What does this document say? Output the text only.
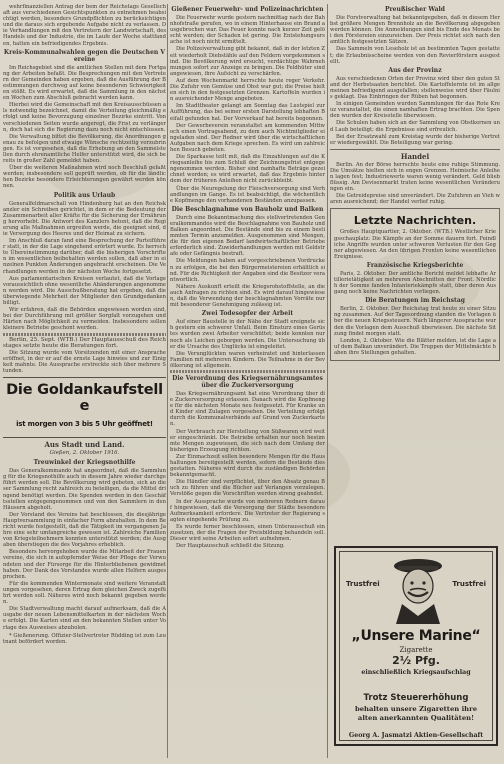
wehrfinanziellen Antrag der bem der Reichstags Gesellschaft aus verschiedenen Gesichtspunkten zu entnehmen beabsichtigt werden, besonders Grundpflichten zu berücksichtigen und die daraus sich ergebende Aufgabe nicht zu verlassen. Die Verhandlungen mit den Vertretern der Landwirtschaft, des Handels und der Industrie, die im Laufe der Woche stattfanden, hatten ein befriedigendes Ergebnis.
Kreis-Kommunalwahlen gegen die Deutschen Vereine
Im Reichsgebiet sind die amtlichen Stellen mit dem Fortgang der Arbeiten befaßt. Die Besprechungen mit den Vertretern der Gemeinden haben ergeben, daß die Ausführung der Bestimmungen durchweg auf keine besonderen Schwierigkeiten stößt. Es wird erwartet, daß die Sammlung in den nächsten Wochen zum Abschluß gebracht werden kann.
Hierbei wird die Gemeinschaft mit den Kreisausschüssen als notwendig bezeichnet, damit die Verteilung gleichmäßig erfolgt und keine Bevorzugung einzelner Bezirke eintritt. Von verschiedenen Seiten wurde angeregt, die Frist zu verlängern, doch hat sich die Regierung dazu noch nicht entschlossen.
Die Verwaltung bittet die Bevölkerung, die Anordnungen genau zu befolgen und etwaige Wünsche rechtzeitig vorzubringen. Es ist vorgesehen, daß die Erhebung an den Sammelstellen durch ehrenamtliche Helfer unterstützt wird, die sich bereits in großer Zahl gemeldet haben.
Über die weiteren Maßnahmen wird noch Beschluß gefaßt werden; insbesondere soll geprüft werden, ob für die ländlichen Bezirke besondere Erleichterungen gewährt werden können.
Politik aus Urlaub
Generalfeldmarschall von Hindenburg hat an den Reichskanzler ein Schreiben gerichtet, in dem er die Bedeutung der Zusammenarbeit aller Kräfte für die Sicherung der Ernährung hervorhebt. Die Antwort des Kanzlers betont, daß die Regierung alle Maßnahmen ergreifen werde, die geeignet sind, die Versorgung des Heeres und der Heimat zu sichern.
Im Anschluß daran fand eine Besprechung der Parteiführer statt, in der die Lage eingehend erörtert wurde. Es herrschte Übereinstimmung darüber, daß die bisherigen Vorschriften im wesentlichen beibehalten werden sollen, daß aber in einzelnen Punkten Änderungen angebracht erscheinen. Die Verhandlungen werden in der nächsten Woche fortgesetzt.
Aus parlamentarischen Kreisen verlautet, daß die Vorlage voraussichtlich ohne wesentliche Abänderungen angenommen werden wird. Die Ausschußberatung hat ergeben, daß die überwiegende Mehrheit der Mitglieder den Grundgedanken billigt.
Wir erfahren, daß die Behörden angewiesen worden sind, bei der Durchführung mit größter Sorgfalt vorzugehen und Härten nach Möglichkeit zu vermeiden. Insbesondere sollen kleinere Betriebe geschont werden.
Berlin, 25. Sept. (WTB.) Der Hauptausschuß des Reichstages setzte heute die Beratungen fort.
Die Sitzung wurde vom Vorsitzenden mit einer Ansprache eröffnet, in der er auf die ernste Lage hinwies und zur Einigkeit mahnte. Die Aussprache erstreckte sich über mehrere Stunden.
Die Goldankaufstelle
ist morgen von 3 bis 5 Uhr geöffnet!
Aus Stadt und Land.
Gießen, 2. Oktober 1916.
Treuwinkel der Kriegsnothilfe
Das Generalkommando hat angeordnet, daß die Sammlung für die Kriegsnothilfe auch in diesem Jahre wieder durchgeführt werden soll. Die Bevölkerung wird gebeten, sich an dieser Sammlung recht zahlreich zu beteiligen, da die Mittel dringend benötigt werden. Die Spenden werden in den Geschäftsstellen entgegengenommen und von den Sammlern in den Häusern abgeholt.
Der Vorstand des Vereins hat beschlossen, die diesjährige Hauptversammlung in einfacher Form abzuhalten. In dem Bericht wurde festgestellt, daß die Tätigkeit im vergangenen Jahre eine sehr umfangreiche gewesen ist. Zahlreiche Familien von Kriegsteilnehmern konnten unterstützt werden; die Ausgaben überstiegen die des Vorjahres erheblich.
Besonders hervorgehoben wurde die Mitarbeit der Frauenvereine, die sich in aufopfernder Weise der Pflege der Verwundeten und der Fürsorge für die Hinterbliebenen gewidmet haben. Der Dank des Vorstandes wurde allen Helfern ausgesprochen.
Für die kommenden Wintermonate sind weitere Veranstaltungen vorgesehen, deren Ertrag dem gleichen Zweck zugeführt werden soll. Näheres wird noch bekannt gegeben werden.
Die Stadtverwaltung macht darauf aufmerksam, daß die Ausgabe der neuen Lebensmittelkarten in der nächsten Woche erfolgt. Die Karten sind an den bekannten Stellen unter Vorlage des Ausweises abzuholen.
* Gießenerung. Offizier-Stellvertreter Rüdding ist zum Leutnant befördert worden.
Gießener Feuerwehr- und Polizeinachrichten
Die Feuerwehr wurde gestern nachmittag nach der Bahnhofstraße gerufen, wo in einem Hinterhause ein Brand ausgebrochen war. Das Feuer konnte nach kurzer Zeit gelöscht werden; der Schaden ist gering. Die Entstehungsursache ist noch nicht ermittelt.
Die Polizeiverwaltung gibt bekannt, daß in der letzten Zeit wiederholt Diebstähle auf den Feldern vorgekommen sind. Die Bevölkerung wird ersucht, verdächtige Wahrnehmungen sofort zur Anzeige zu bringen. Die Feldhüter sind angewiesen, ihre Aufsicht zu verschärfen.
Auf dem Wochenmarkt herrschte heute reger Verkehr. Die Zufuhr von Gemüse und Obst war gut; die Preise hielten sich in den festgesetzten Grenzen. Kartoffeln wurden in ausreichender Menge angeboten.
Im Stadttheater gelangt am Sonntag das Lustspiel zur Aufführung, das bei seiner ersten Darstellung lebhaften Beifall gefunden hat. Der Vorverkauf hat bereits begonnen.
Der Gewerbeverein veranstaltet am kommenden Mittwoch einen Vortragsabend, zu dem auch Nichtmitglieder eingeladen sind. Der Redner wird über die wirtschaftlichen Aufgaben nach dem Kriege sprechen. Es wird um zahlreichen Besuch gebeten.
Die Sparkasse teilt mit, daß die Einzahlungen auf die Kriegsanleihe bis zum Schluß der Zeichnungsfrist entgegengenommen werden. Bisher sind namhafte Beträge gezeichnet worden; es wird erwartet, daß das Ergebnis hinter dem der früheren Anleihen nicht zurückbleibt.
Über die Neuregelung der Fleischversorgung sind Verhandlungen im Gange. Es ist beabsichtigt, die wöchentliche Kopfmenge den vorhandenen Beständen anzupassen.
Die Beschlagnahme von Bauholz und Balken
Durch eine Bekanntmachung des stellvertretenden Generalkommandos wird die Beschlagnahme von Bauholz und Balken angeordnet. Die Bestände sind bis zu einem bestimmten Termin anzumelden. Ausgenommen sind Mengen, die für den eigenen Bedarf landwirtschaftlicher Betriebe erforderlich sind. Zuwiderhandlungen werden mit Geldstrafe oder Gefängnis bestraft.
Die Meldungen haben auf vorgeschriebenen Vordrucken zu erfolgen, die bei den Bürgermeistereien erhältlich sind. Für die Richtigkeit der Angaben sind die Besitzer verantwortlich.
Nähere Auskunft erteilt die Kriegsrohstoffstelle, an die auch Anfragen zu richten sind. Es wird darauf hingewiesen, daß die Verwendung der beschlagnahmten Vorräte nur mit besonderer Genehmigung zulässig ist.
Zwei Todesopfer der Arbeit
Auf einer Baustelle in der Nähe der Stadt ereignete sich gestern ein schwerer Unfall. Beim Einsturz eines Gerüstes wurden zwei Arbeiter verschüttet; beide konnten nur noch als Leichen geborgen werden. Die Untersuchung über die Ursache des Unglücks ist eingeleitet.
Die Verunglückten waren verheiratet und hinterlassen Familien mit mehreren Kindern. Die Teilnahme in der Bevölkerung ist allgemein.
Die Verordnung des Kriegsernährungsamtes über die Zuckerversorgung
Das Kriegsernährungsamt hat eine Verordnung über die Zuckerversorgung erlassen. Danach wird die Kopfmenge für die nächsten Monate neu festgesetzt. Für Kranke und Kinder sind Zulagen vorgesehen. Die Verteilung erfolgt durch die Kommunalverbände auf Grund von Zuckerkarten.
Der Verbrauch zur Herstellung von Süßwaren wird weiter eingeschränkt. Die Betriebe erhalten nur noch bestimmte Mengen zugewiesen, die sich nach dem Umfang der bisherigen Erzeugung richten.
Zur Einmachzeit sollen besondere Mengen für die Haushaltungen bereitgestellt werden, sofern die Bestände dies gestatten. Näheres wird durch die zuständigen Behörden bekanntgemacht.
Die Händler sind verpflichtet, über den Absatz genau Buch zu führen und die Bücher auf Verlangen vorzulegen. Verstöße gegen die Vorschriften werden streng geahndet.
In der Aussprache wurde von mehreren Rednern darauf hingewiesen, daß die Versorgung der Städte besondere Aufmerksamkeit erfordere. Die Vertreter der Regierung sagten eingehende Prüfung zu.
Es wurde ferner beschlossen, einen Unterausschuß einzusetzen, der die Fragen der Preisbildung behandeln soll. Dieser wird seine Arbeiten sofort aufnehmen.
Der Hauptausschuß schließt die Sitzung.
Preußischer Wald
Die Forstverwaltung hat bekanntgegeben, daß in diesem Herbst größere Mengen Brennholz an die Bevölkerung abgegeben werden können. Die Anmeldungen sind bis Ende des Monats bei den Förstereien einzureichen. Der Preis richtet sich nach den amtlich festgesetzten Sätzen.
Das Sammeln von Leseholz ist an bestimmten Tagen gestattet; die Erlaubnisscheine werden von den Revierförstern ausgestellt.
Aus der Provinz
Aus verschiedenen Orten der Provinz wird über den guten Stand der Herbstsaaten berichtet. Die Kartoffelernte ist im allgemeinen befriedigend ausgefallen; stellenweise wird über Fäulnis geklagt. Das Einbringen der Rüben hat begonnen.
In einigen Gemeinden wurden Sammlungen für das Rote Kreuz veranstaltet, die einen namhaften Ertrag brachten. Die Spenden wurden der Kreisstelle überwiesen.
Die Schulen haben sich an der Sammlung von Obstkernen und Laub beteiligt; die Ergebnisse sind erfreulich.
Bei der Ersatzwahl zum Kreistag wurde der bisherige Vertreter wiedergewählt. Die Beteiligung war gering.
Handel
Berlin. An der Börse herrschte heute eine ruhige Stimmung. Die Umsätze hielten sich in engen Grenzen. Heimische Anleihen lagen fest; Industriewerte waren wenig verändert. Geld blieb flüssig. Am Devisenmarkt traten keine wesentlichen Veränderungen ein.
Die Getreidepreise sind unverändert. Die Zufuhren an Vieh waren ausreichend; der Handel verlief ruhig.
Letzte Nachrichten.
Großes Hauptquartier, 2. Oktober. (WTB.) Westlicher Kriegsschauplatz: Die Kämpfe an der Somme dauern fort. Feindliche Angriffe wurden unter schweren Verlusten für den Gegner abgewiesen. An den übrigen Fronten keine wesentlichen Ereignisse.
Französische Kriegsberichte
Paris, 2. Oktober. Der amtliche Bericht meldet lebhafte Artillerietätigkeit an mehreren Abschnitten der Front. Nördlich der Somme fanden Infanteriekämpfe statt, über deren Ausgang noch keine Nachrichten vorliegen.
Die Beratungen im Reichstag
Berlin, 2. Oktober. Der Reichstag trat heute zu einer Sitzung zusammen. Auf der Tagesordnung standen die Vorlagen über die neuen Kriegssteuern. Nach längerer Aussprache wurden die Vorlagen dem Ausschuß überwiesen. Die nächste Sitzung findet morgen statt.
London, 2. Oktober. Wie die Blätter melden, ist die Lage auf dem Balkan unverändert. Die Truppen der Mittelmächte haben ihre Stellungen gehalten.
Trustfrei	Trustfrei
„Unsere Marine“
Zigarette
2½ Pfg.
einschließlich Kriegsaufschlag
Trotz Steuererhöhung
behalten unsere Zigaretten ihre alten anerkannten Qualitäten!
Georg A. Jasmatzi Aktien-Gesellschaft
